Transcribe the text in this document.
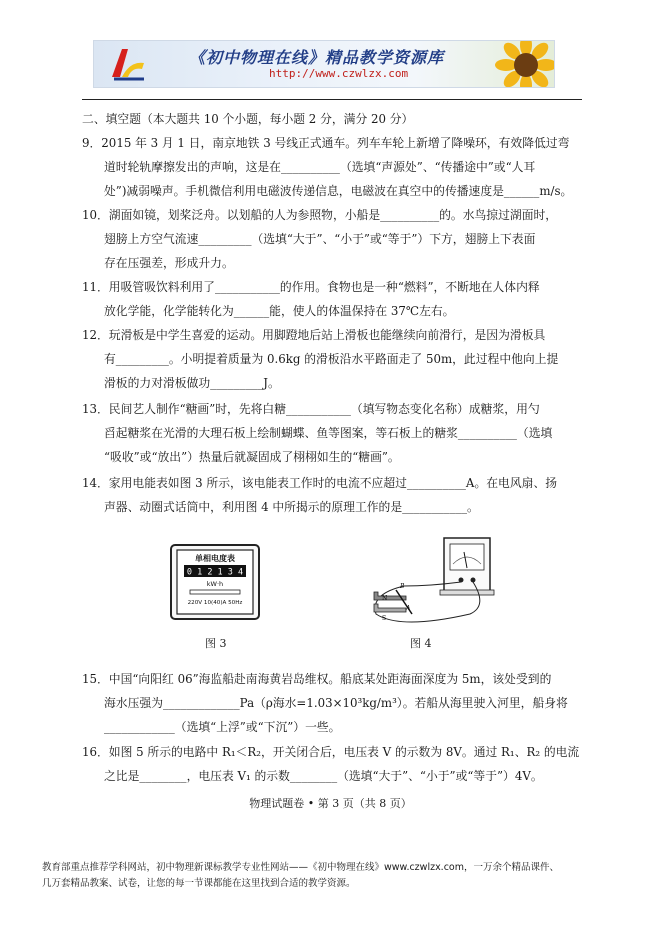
《初中物理在线》精品教学资源库
http://www.czwlzx.com
二、填空题（本大题共 10 个小题，每小题 2 分，满分 20 分）
9．2015 年 3 月 1 日，南京地铁 3 号线正式通车。列车车轮上新增了降噪环，有效降低过弯
道时轮轨摩擦发出的声响，这是在__________（选填“声源处”、“传播途中”或“人耳
处”)减弱噪声。手机微信利用电磁波传递信息，电磁波在真空中的传播速度是______m/s。
10．湖面如镜，划桨泛舟。以划船的人为参照物，小船是__________的。水鸟掠过湖面时，
翅膀上方空气流速_________（选填“大于”、“小于”或“等于”）下方，翅膀上下表面
存在压强差，形成升力。
11．用吸管吸饮料利用了___________的作用。食物也是一种“燃料”，不断地在人体内释
放化学能，化学能转化为______能，使人的体温保持在 37℃左右。
12．玩滑板是中学生喜爱的运动。用脚蹬地后站上滑板也能继续向前滑行，是因为滑板具
有_________。小明提着质量为 0.6kg 的滑板沿水平路面走了 50m，此过程中他向上提
滑板的力对滑板做功_________J。
13．民间艺人制作“糖画”时，先将白糖___________（填写物态变化名称）成糖浆，用勺
舀起糖浆在光滑的大理石板上绘制蝴蝶、鱼等图案，等石板上的糖浆__________（选填
“吸收”或“放出”）热量后就凝固成了栩栩如生的“糖画”。
14．家用电能表如图 3 所示，该电能表工作时的电流不应超过__________A。在电风扇、扬
声器、动圈式话筒中，利用图 4 中所揭示的原理工作的是___________。
单相电度表
0 1 2 1 3 4
kW·h
220V 10(40)A 50Hz
图 3
B
N
S
A
图 4
15．中国“向阳红 06”海监船赴南海黄岩岛维权。船底某处距海面深度为 5m，该处受到的
海水压强为_____________Pa（ρ海水=1.03×10³kg/m³）。若船从海里驶入河里，船身将
____________（选填“上浮”或“下沉”）一些。
16．如图 5 所示的电路中 R₁＜R₂，开关闭合后，电压表 V 的示数为 8V。通过 R₁、R₂ 的电流
之比是________，电压表 V₁ 的示数________（选填“大于”、“小于”或“等于”）4V。
物理试题卷 • 第 3 页（共 8 页）
教育部重点推荐学科网站，初中物理新课标教学专业性网站——《初中物理在线》www.czwlzx.com，一万余个精品课件、
几万套精品教案、试卷，让您的每一节课都能在这里找到合适的教学资源。
